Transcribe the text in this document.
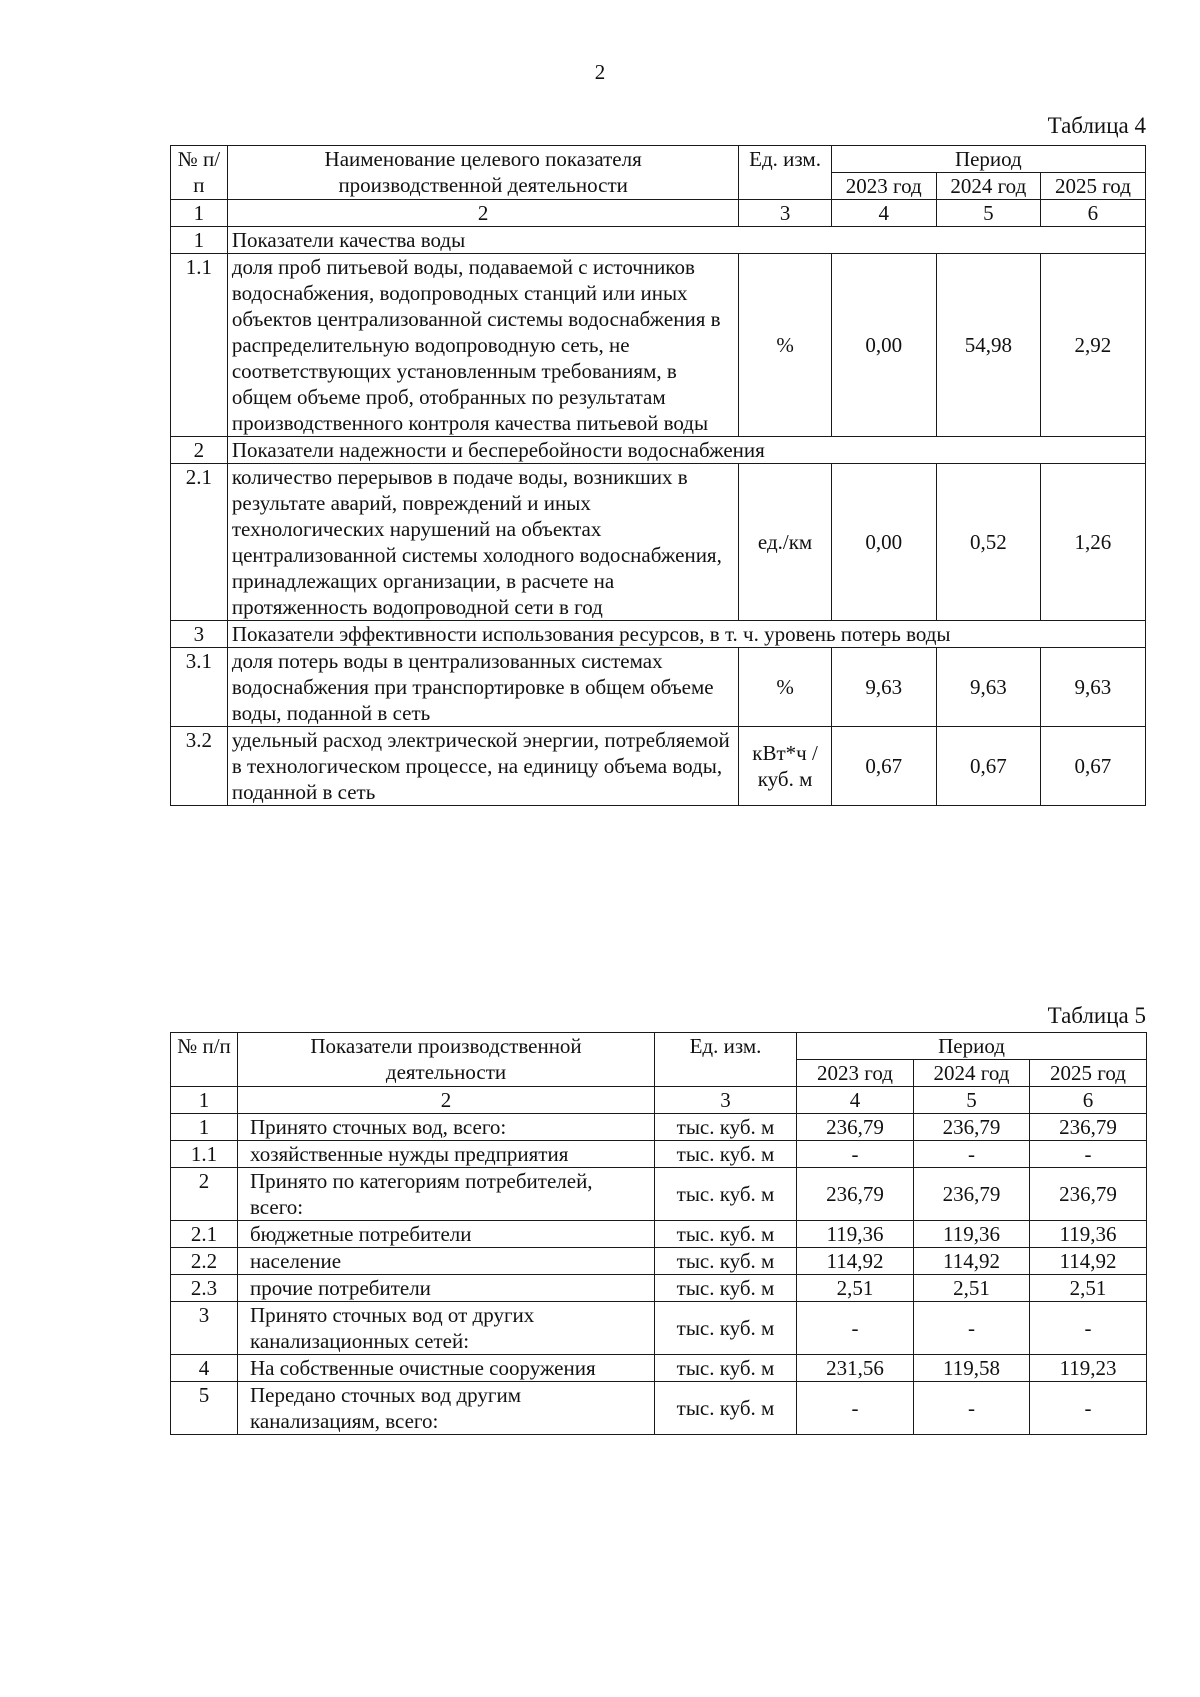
2
Таблица 4
№ п/п	Наименование целевого показателя производственной деятельности	Ед. изм.	Период		
			2023 год	2024 год	2025 год
1	2	3	4	5	6
1	Показатели качества воды				
1.1	доля проб питьевой воды, подаваемой с источников водоснабжения, водопроводных станций или иных объектов централизованной системы водоснабжения в распределительную водопроводную сеть, не соответствующих установленным требованиям, в общем объеме проб, отобранных по результатам производственного контроля качества питьевой воды	%	0,00	54,98	2,92
2	Показатели надежности и бесперебойности водоснабжения				
2.1	количество перерывов в подаче воды, возникших в результате аварий, повреждений и иных технологических нарушений на объектах централизованной системы холодного водоснабжения, принадлежащих организации, в расчете на протяженность водопроводной сети в год	ед./км	0,00	0,52	1,26
3	Показатели эффективности использования ресурсов, в т. ч. уровень потерь воды				
3.1	доля потерь воды в централизованных системах водоснабжения при транспортировке в общем объеме воды, поданной в сеть	%	9,63	9,63	9,63
3.2	удельный расход электрической энергии, потребляемой в технологическом процессе, на единицу объема воды, поданной в сеть	кВт*ч / куб. м	0,67	0,67	0,67
Таблица 5
№ п/п	Показатели производственной деятельности	Ед. изм.	Период		
			2023 год	2024 год	2025 год
1	2	3	4	5	6
1	Принято сточных вод, всего:	тыс. куб. м	236,79	236,79	236,79
1.1	хозяйственные нужды предприятия	тыс. куб. м	-	-	-
2	Принято по категориям потребителей, всего:	тыс. куб. м	236,79	236,79	236,79
2.1	бюджетные потребители	тыс. куб. м	119,36	119,36	119,36
2.2	население	тыс. куб. м	114,92	114,92	114,92
2.3	прочие потребители	тыс. куб. м	2,51	2,51	2,51
3	Принято сточных вод от других канализационных сетей:	тыс. куб. м	-	-	-
4	На собственные очистные сооружения	тыс. куб. м	231,56	119,58	119,23
5	Передано сточных вод другим канализациям, всего:	тыс. куб. м	-	-	-
